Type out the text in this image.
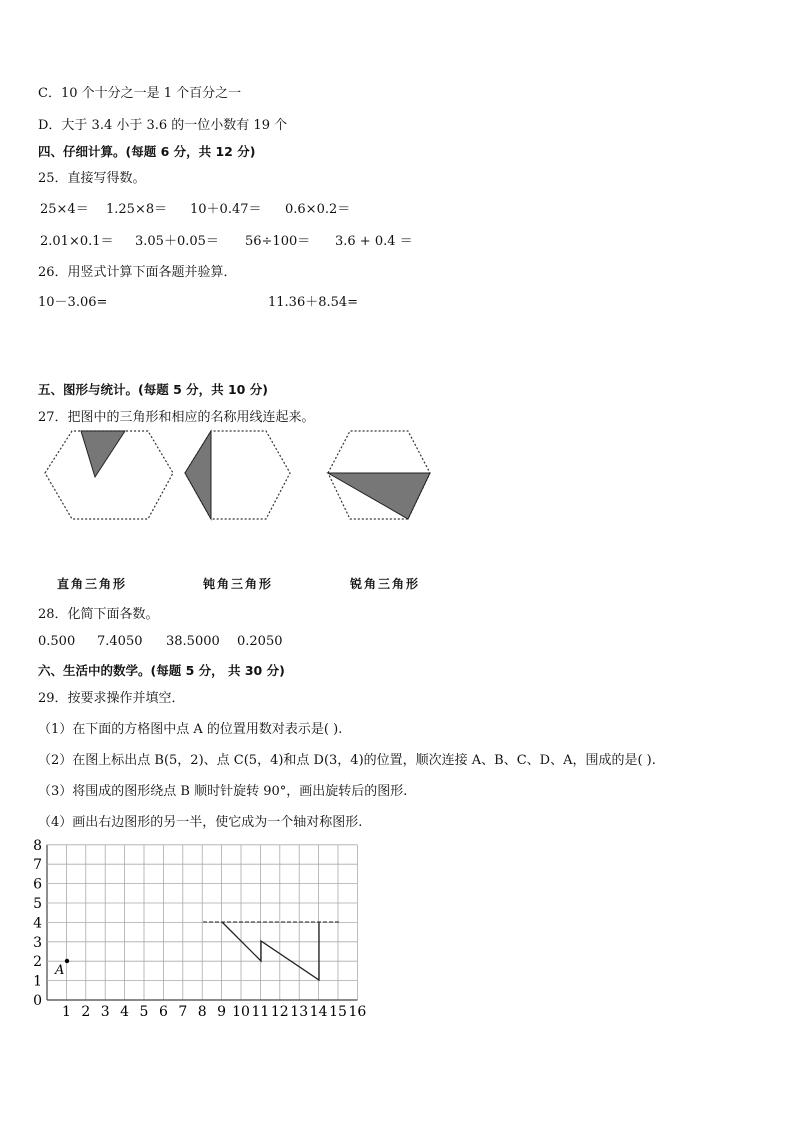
C．10 个十分之一是 1 个百分之一
D．大于 3.4 小于 3.6 的一位小数有 19 个
四、仔细计算。(每题 6 分，共 12 分)
25．直接写得数。
25×4＝ 1.25×8＝ 10＋0.47＝ 0.6×0.2＝
2.01×0.1＝ 3.05＋0.05＝ 56÷100＝ 3.6 + 0.4 ＝
26．用竖式计算下面各题并验算．
10－3.06=	11.36＋8.54=
五、图形与统计。(每题 5 分，共 10 分)
27．把图中的三角形和相应的名称用线连起来。
直角三角形	钝角三角形	锐角三角形
28．化简下面各数。
0.500 7.4050 38.5000 0.2050
六、生活中的数学。(每题 5 分， 共 30 分)
29．按要求操作并填空．
（1）在下面的方格图中点 A 的位置用数对表示是( ).
（2）在图上标出点 B(5，2)、点 C(5，4)和点 D(3，4)的位置，顺次连接 A、B、C、D、A，围成的是( ).
（3）将围成的图形绕点 B 顺时针旋转 90°，画出旋转后的图形.
（4）画出右边图形的另一半，使它成为一个轴对称图形.
1 2 3 4 5 6 7 8 9 10 11 12 13 14 15 16
0
1
2
3
4
5
6
7
8
A
